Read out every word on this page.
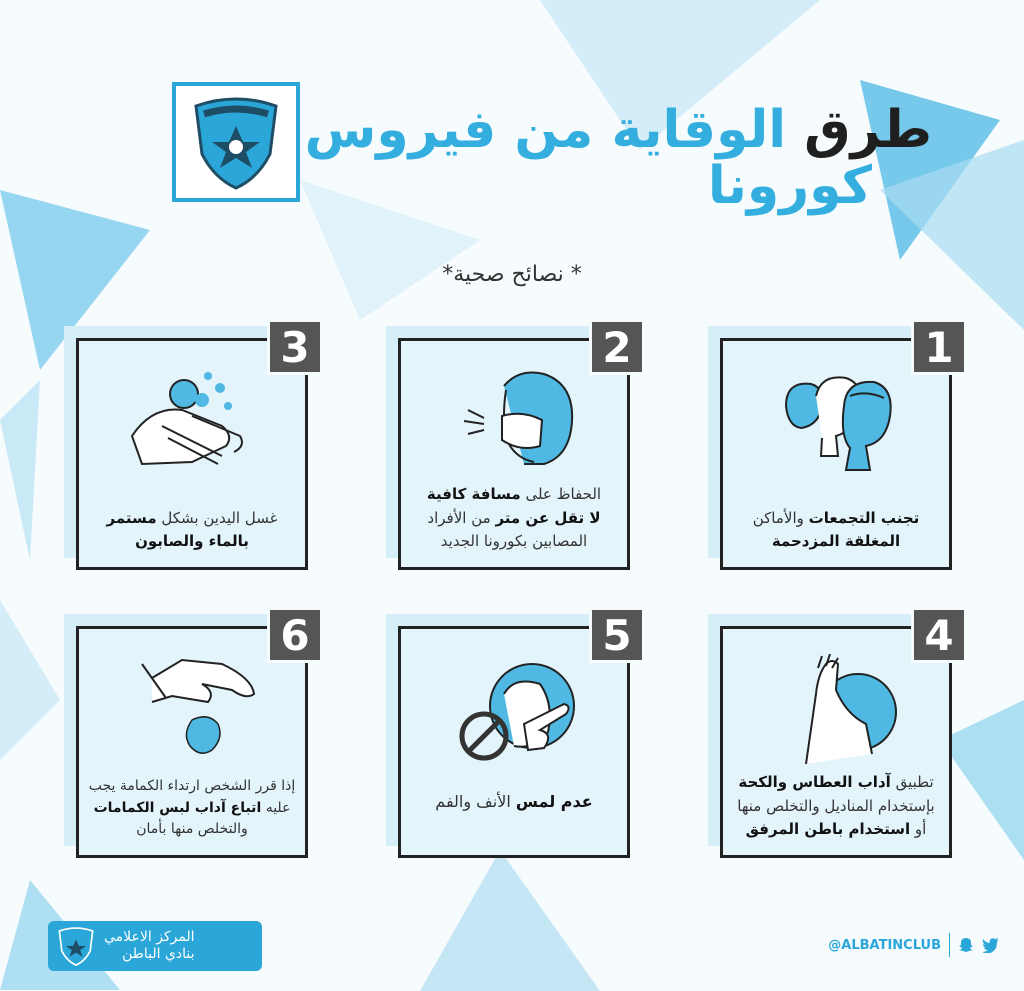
طرق الوقاية من فيروس
كورونا
* نصائح صحية*
1
تجنب التجمعات والأماكن
المغلقة المزدحمة
2
الحفاظ على مسافة كافية
لا تقل عن متر من الأفراد
المصابين بكورونا الجديد
3
غسل اليدين بشكل مستمر
بالماء والصابون
4
تطبيق آداب العطاس والكحة
بإستخدام المناديل والتخلص منها
أو استخدام باطن المرفق
5
عدم لمس الأنف والفم
6
إذا قرر الشخص ارتداء الكمامة يجب
عليه اتباع آداب لبس الكمامات
والتخلص منها بأمان
المركز الاعلامي
بنادي الباطن
@ALBATINCLUB
